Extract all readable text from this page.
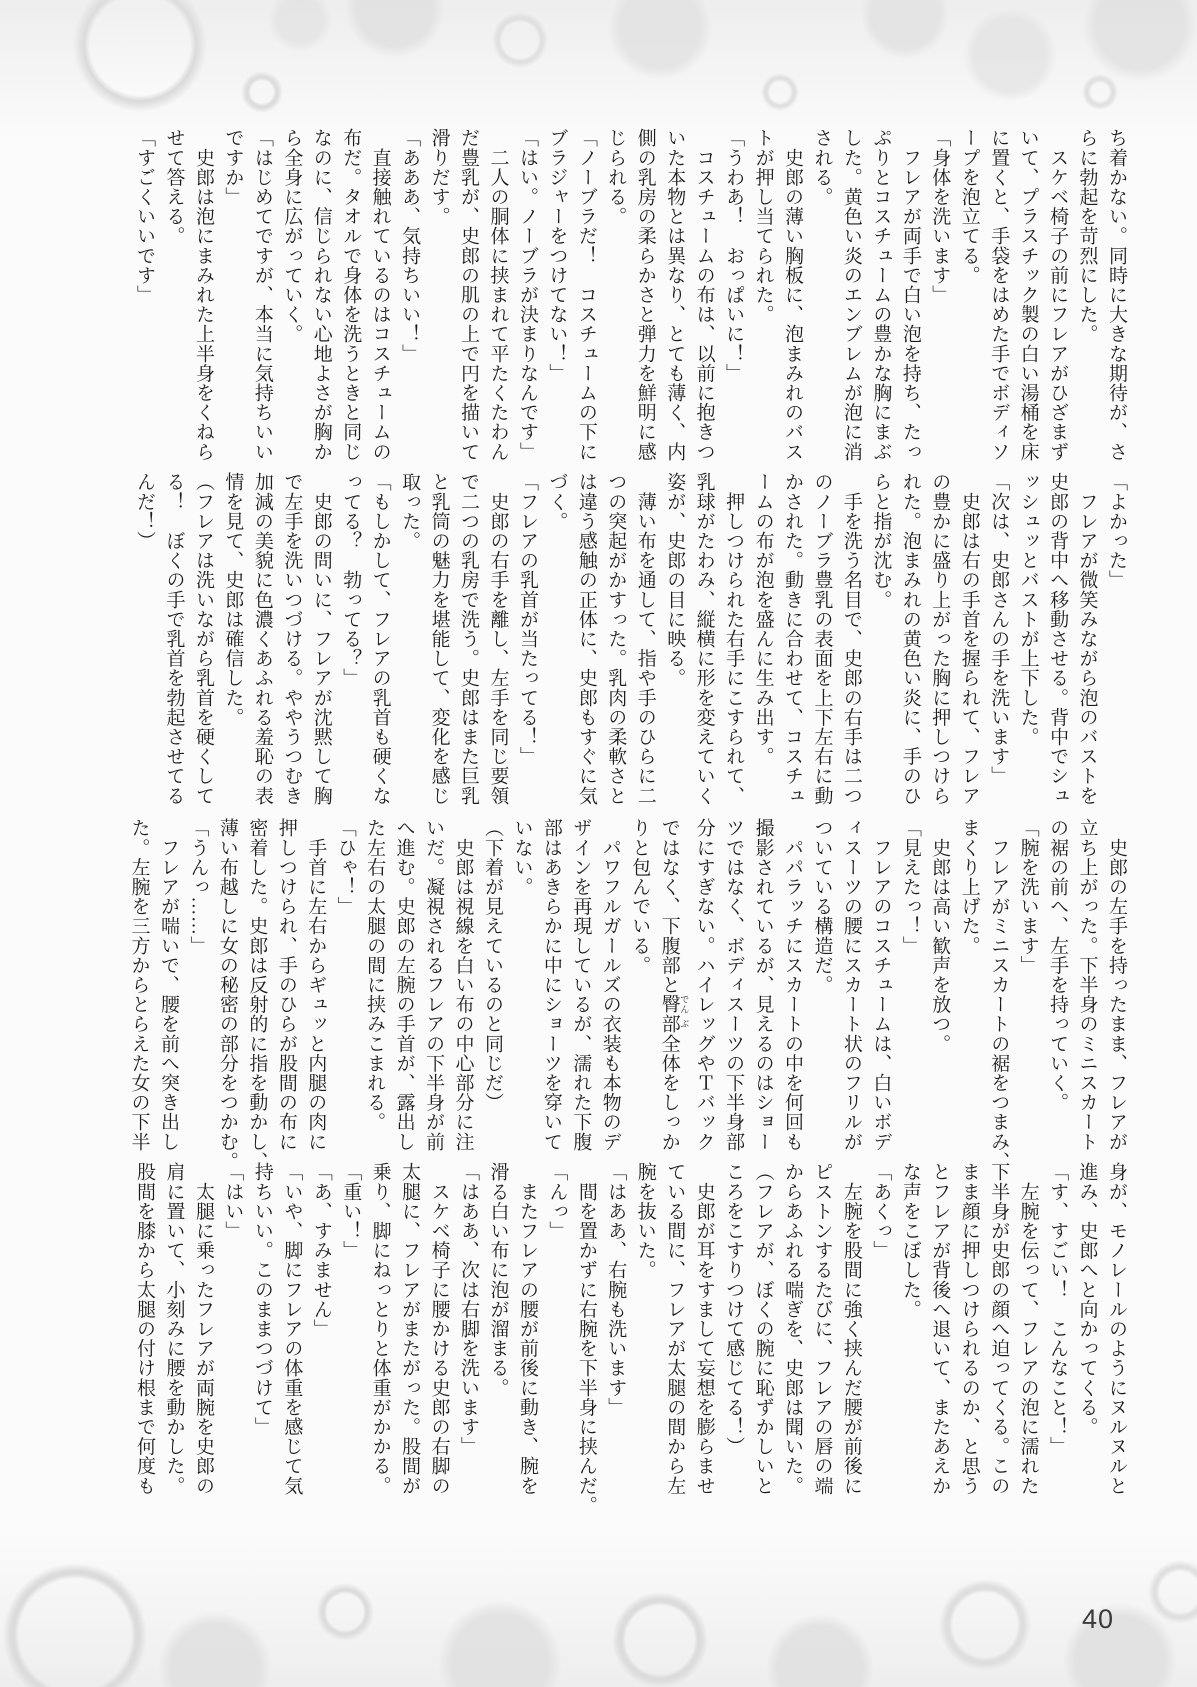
ち着かない。同時に大きな期待が、さ
らに勃起を苛烈にした。
　スケベ椅子の前にフレアがひざまず
いて、プラスチック製の白い湯桶を床
に置くと、手袋をはめた手でボディソ
ープを泡立てる。
「身体を洗います」
　フレアが両手で白い泡を持ち、たっ
ぷりとコスチュームの豊かな胸にまぶ
した。黄色い炎のエンブレムが泡に消
される。
　史郎の薄い胸板に、泡まみれのバス
トが押し当てられた。
「うわあ！　おっぱいに！」
　コスチュームの布は、以前に抱きつ
いた本物とは異なり、とても薄く、内
側の乳房の柔らかさと弾力を鮮明に感
じられる。
「ノーブラだ！　コスチュームの下に
ブラジャーをつけてない！」
「はい。ノーブラが決まりなんです」
　二人の胴体に挟まれて平たくたわん
だ豊乳が、史郎の肌の上で円を描いて
滑りだす。
「あああ、気持ちいい！」
　直接触れているのはコスチュームの
布だ。タオルで身体を洗うときと同じ
なのに、信じられない心地よさが胸か
ら全身に広がっていく。
「はじめてですが、本当に気持ちいい
ですか」
　史郎は泡にまみれた上半身をくねら
せて答える。
「すごくいいです」
「よかった」
　フレアが微笑みながら泡のバストを
史郎の背中へ移動させる。背中でシュ
ッシュッとバストが上下した。
「次は、史郎さんの手を洗います」
　史郎は右の手首を握られて、フレア
の豊かに盛り上がった胸に押しつけら
れた。泡まみれの黄色い炎に、手のひ
らと指が沈む。
　手を洗う名目で、史郎の右手は二つ
のノーブラ豊乳の表面を上下左右に動
かされた。動きに合わせて、コスチュ
ームの布が泡を盛んに生み出す。
　押しつけられた右手にこすられて、
乳球がたわみ、縦横に形を変えていく
姿が、史郎の目に映る。
　薄い布を通して、指や手のひらに二
つの突起がかすった。乳肉の柔軟さと
は違う感触の正体に、史郎もすぐに気
づく。
「フレアの乳首が当たってる！」
　史郎の右手を離し、左手を同じ要領
で二つの乳房で洗う。史郎はまた巨乳
と乳筒の魅力を堪能して、変化を感じ
取った。
「もしかして、フレアの乳首も硬くな
ってる？　勃ってる？」
　史郎の問いに、フレアが沈黙して胸
で左手を洗いつづける。ややうつむき
加減の美貌に色濃くあふれる羞恥の表
情を見て、史郎は確信した。
（フレアは洗いながら乳首を硬くして
る！　ぼくの手で乳首を勃起させてる
んだ！）
　史郎の左手を持ったまま、フレアが
立ち上がった。下半身のミニスカート
の裾の前へ、左手を持っていく。
「腕を洗います」
　フレアがミニスカートの裾をつまみ、
まくり上げた。
　史郎は高い歓声を放つ。
「見えたっ！」
　フレアのコスチュームは、白いボデ
ィスーツの腰にスカート状のフリルが
ついている構造だ。
　パパラッチにスカートの中を何回も
撮影されているが、見えるのはショー
ツではなく、ボディスーツの下半身部
分にすぎない。ハイレッグやＴバック
ではなく、下腹部と臀 でん部 ぶ全体をしっか
りと包んでいる。
　パワフルガールズの衣装も本物のデ
ザインを再現しているが、濡れた下腹
部はあきらかに中にショーツを穿いて
いない。
（下着が見えているのと同じだ）
　史郎は視線を白い布の中心部分に注
いだ。凝視されるフレアの下半身が前
へ進む。史郎の左腕の手首が、露出し
た左右の太腿の間に挟みこまれる。
「ひゃ！」
　手首に左右からギュッと内腿の肉に
押しつけられ、手のひらが股間の布に
密着した。史郎は反射的に指を動かし、
薄い布越しに女の秘密の部分をつかむ。
「うんっ……」
　フレアが喘いで、腰を前へ突き出し
た。左腕を三方からとらえた女の下半
身が、モノレールのようにヌルヌルと
進み、史郎へと向かってくる。
「す、すごい！　こんなこと！」
　左腕を伝って、フレアの泡に濡れた
下半身が史郎の顔へ迫ってくる。この
まま顔に押しつけられるのか、と思う
とフレアが背後へ退いて、またあえか
な声をこぼした。
「あくっ」
　左腕を股間に強く挟んだ腰が前後に
ピストンするたびに、フレアの唇の端
からあふれる喘ぎを、史郎は聞いた。
（フレアが、ぼくの腕に恥ずかしいと
ころをこすりつけて感じてる！）
　史郎が耳をすまして妄想を膨らませ
ている間に、フレアが太腿の間から左
腕を抜いた。
「はああ、右腕も洗います」
　間を置かずに右腕を下半身に挟んだ。
「んっ」
　またフレアの腰が前後に動き、腕を
滑る白い布に泡が溜まる。
「はああ、次は右脚を洗います」
　スケベ椅子に腰かける史郎の右脚の
太腿に、フレアがまたがった。股間が
乗り、脚にねっとりと体重がかかる。
「重い！」
「あ、すみません」
「いや、脚にフレアの体重を感じて気
持ちいい。このままつづけて」
「はい」
　太腿に乗ったフレアが両腕を史郎の
肩に置いて、小刻みに腰を動かした。
股間を膝から太腿の付け根まで何度も
40
